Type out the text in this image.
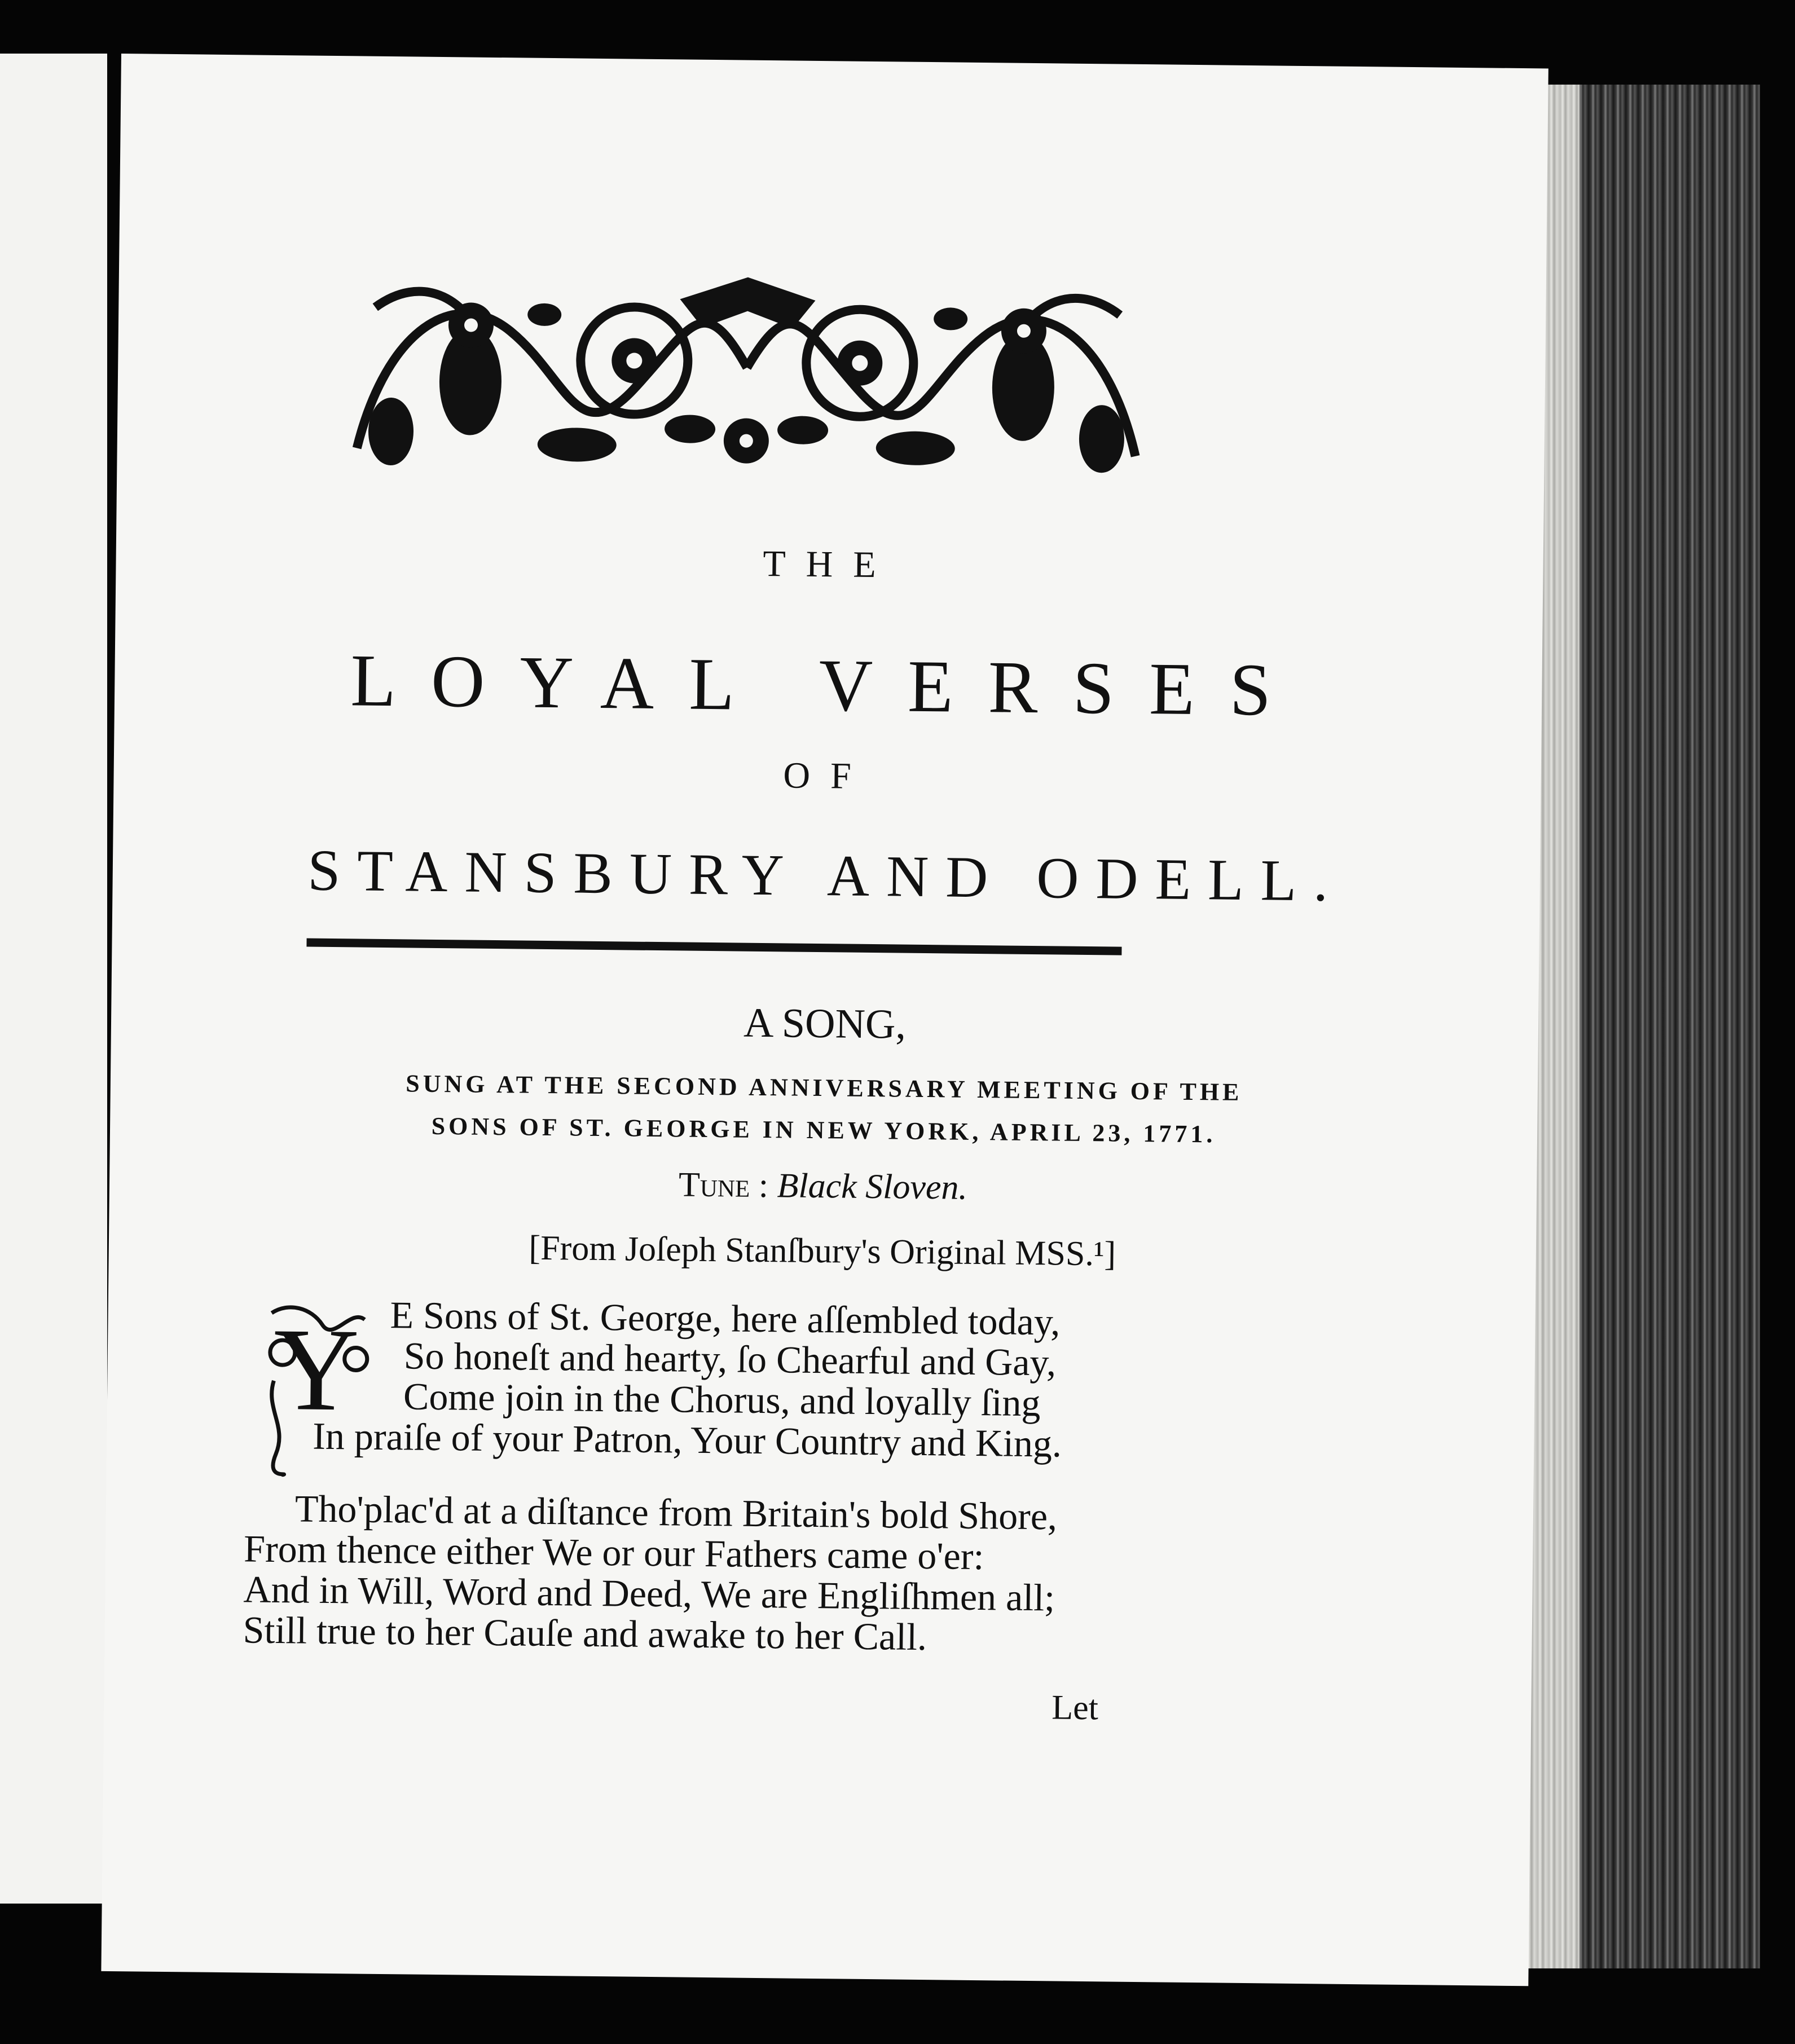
THE
LOYAL VERSES
OF
STANSBURY AND ODELL.
A SONG,

SUNG AT THE SECOND ANNIVERSARY MEETING OF THE

SONS OF ST. GEORGE IN NEW YORK, APRIL 23, 1771.

Tune : Black Sloven.

[From Joſeph Stanſbury's Original MSS.¹]

Y E Sons of St. George, here aſſembled today,
So honeſt and hearty, ſo Chearful and Gay,
Come join in the Chorus, and loyally ſing
In praiſe of your Patron, Your Country and King.

Tho'plac'd at a diſtance from Britain's bold Shore,
From thence either We or our Fathers came o'er:
And in Will, Word and Deed, We are Engliſhmen all;
Still true to her Cauſe and awake to her Call.

Let
